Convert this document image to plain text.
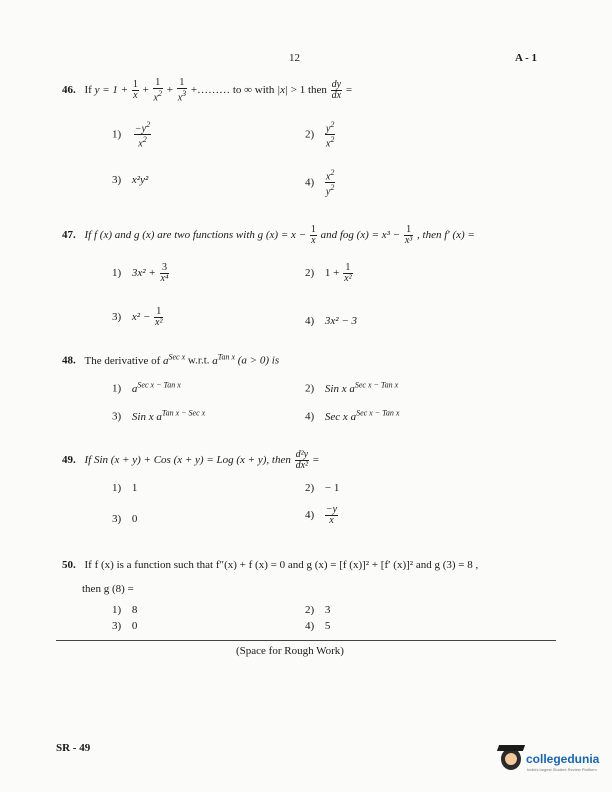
12	A - 1
46. If $y = 1 + \frac{1}{x} + \frac{1}{x^2} + \frac{1}{x^3}$ +……… to ∞ with |x| > 1 then $\frac{dy}{dx}$ =
$1) \frac{-y^2}{x^2}$	$2) \frac{y^2}{x^2}$
3) x²y²	$4) \frac{x^2}{y^2}$
47. If f (x) and g (x) are two functions with g $(x) = x - \frac{1}{x}$ and fog $(x) = x^3 - \frac{1}{\text{x³}}$ , then f′ (x) =
1) $3x^2 + \frac{3}{\text{x⁴}}$	2) $1 + \frac{1}{\text{x²}}$
3) $x^2 - \frac{1}{\text{x²}}$	4) 3x² − 3
48. The derivative of $a^{Sec x}$ w.r.t. $a^{Tan x}$ (a > 0) is
1) $a^{Sec x - Tan x}$	2) Sin x $a^{Sec x - Tan x}$
3) Sin x $a^{Tan x - Sec x}$	4) Sec x $a^{Sec x - Tan x}$
49. If Sin (x + y) + Cos (x + y) = Log (x + y), then $\frac{\text{d²y}}{\text{dx²}}$ =
1) 1	2) − 1
3) 0	$4) \frac{-y}{x}$
50. If f (x) is a function such that f″(x) + f (x) = 0 and g (x) = [f (x)]² + [f′ (x)]² and g (3) = 8 ,
then g (8) =
1) 8	2) 3
3) 0	4) 5
(Space for Rough Work)
SR - 49
collegedunia
India's largest Student Review Platform
